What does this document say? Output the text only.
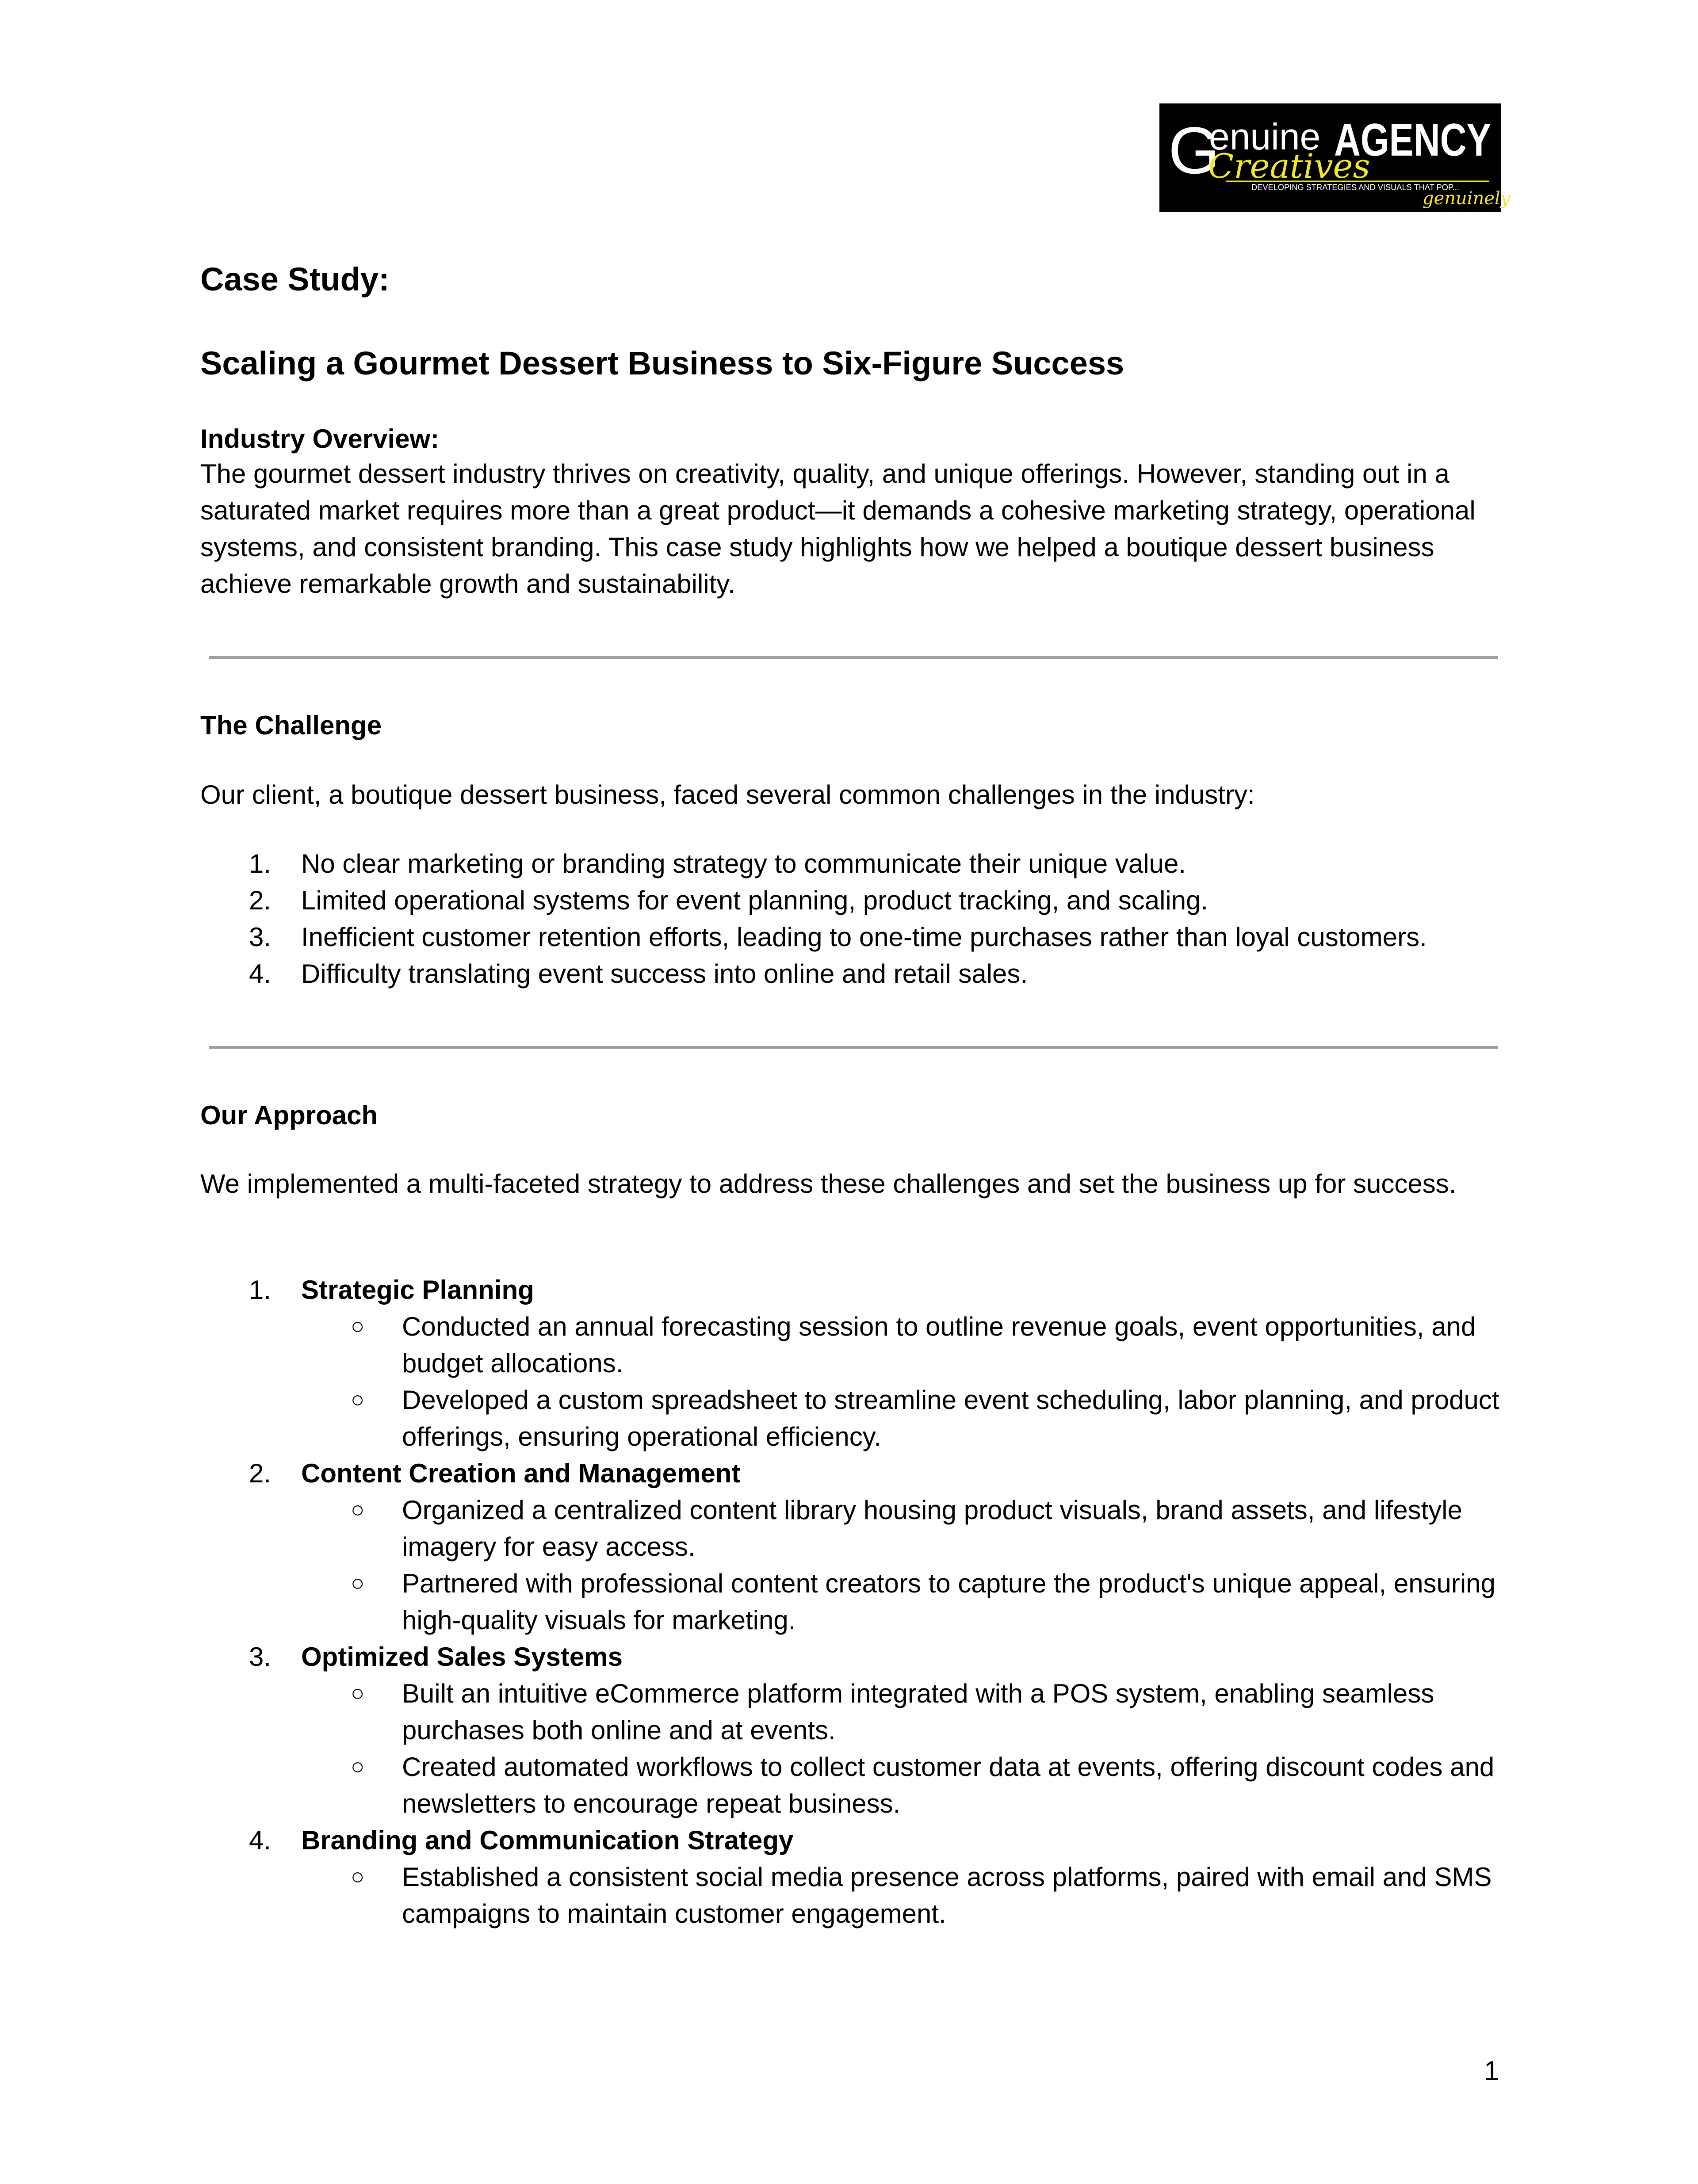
G
enuine
Creatives
AGENCY
DEVELOPING STRATEGIES AND VISUALS THAT POP...
genuinely
Case Study:
Scaling a Gourmet Dessert Business to Six-Figure Success
Industry Overview:
The gourmet dessert industry thrives on creativity, quality, and unique offerings. However, standing out in a saturated market requires more than a great product—it demands a cohesive marketing strategy, operational systems, and consistent branding. This case study highlights how we helped a boutique dessert business achieve remarkable growth and sustainability.
The Challenge
Our client, a boutique dessert business, faced several common challenges in the industry:
1. No clear marketing or branding strategy to communicate their unique value.
2. Limited operational systems for event planning, product tracking, and scaling.
3. Inefficient customer retention efforts, leading to one-time purchases rather than loyal customers.
4. Difficulty translating event success into online and retail sales.
Our Approach
We implemented a multi-faceted strategy to address these challenges and set the business up for success.
1. Strategic Planning
○ Conducted an annual forecasting session to outline revenue goals, event opportunities, and budget allocations.
○ Developed a custom spreadsheet to streamline event scheduling, labor planning, and product offerings, ensuring operational efficiency.
2. Content Creation and Management
○ Organized a centralized content library housing product visuals, brand assets, and lifestyle imagery for easy access.
○ Partnered with professional content creators to capture the product's unique appeal, ensuring high-quality visuals for marketing.
3. Optimized Sales Systems
○ Built an intuitive eCommerce platform integrated with a POS system, enabling seamless purchases both online and at events.
○ Created automated workflows to collect customer data at events, offering discount codes and newsletters to encourage repeat business.
4. Branding and Communication Strategy
○ Established a consistent social media presence across platforms, paired with email and SMS campaigns to maintain customer engagement.
1
